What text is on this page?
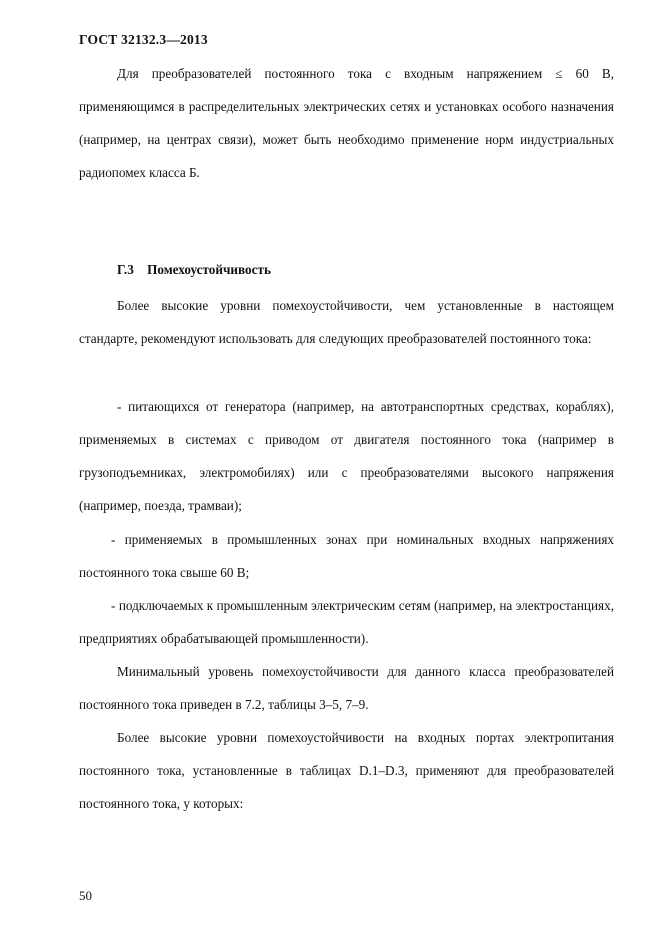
ГОСТ 32132.3—2013
Для преобразователей постоянного тока с входным напряжением ≤ 60 В, применяющимся в распределительных электрических сетях и установках особого назначения (например, на центрах связи), может быть необходимо применение норм индустриальных радиопомех класса Б.
Г.3 Помехоустойчивость
Более высокие уровни помехоустойчивости, чем установленные в настоящем стандарте, рекомендуют использовать для следующих преобразователей постоянного тока:
- питающихся от генератора (например, на автотранспортных средствах, кораблях), применяемых в системах с приводом от двигателя постоянного тока (например в грузоподъемниках, электромобилях) или с преобразователями высокого напряжения (например, поезда, трамваи);
- применяемых в промышленных зонах при номинальных входных напряжениях постоянного тока свыше 60 В;
- подключаемых к промышленным электрическим сетям (например, на электростанциях, предприятиях обрабатывающей промышленности).
Минимальный уровень помехоустойчивости для данного класса преобразователей постоянного тока приведен в 7.2, таблицы 3–5, 7–9.
Более высокие уровни помехоустойчивости на входных портах электропитания постоянного тока, установленные в таблицах D.1–D.3, применяют для преобразователей постоянного тока, у которых:
50
